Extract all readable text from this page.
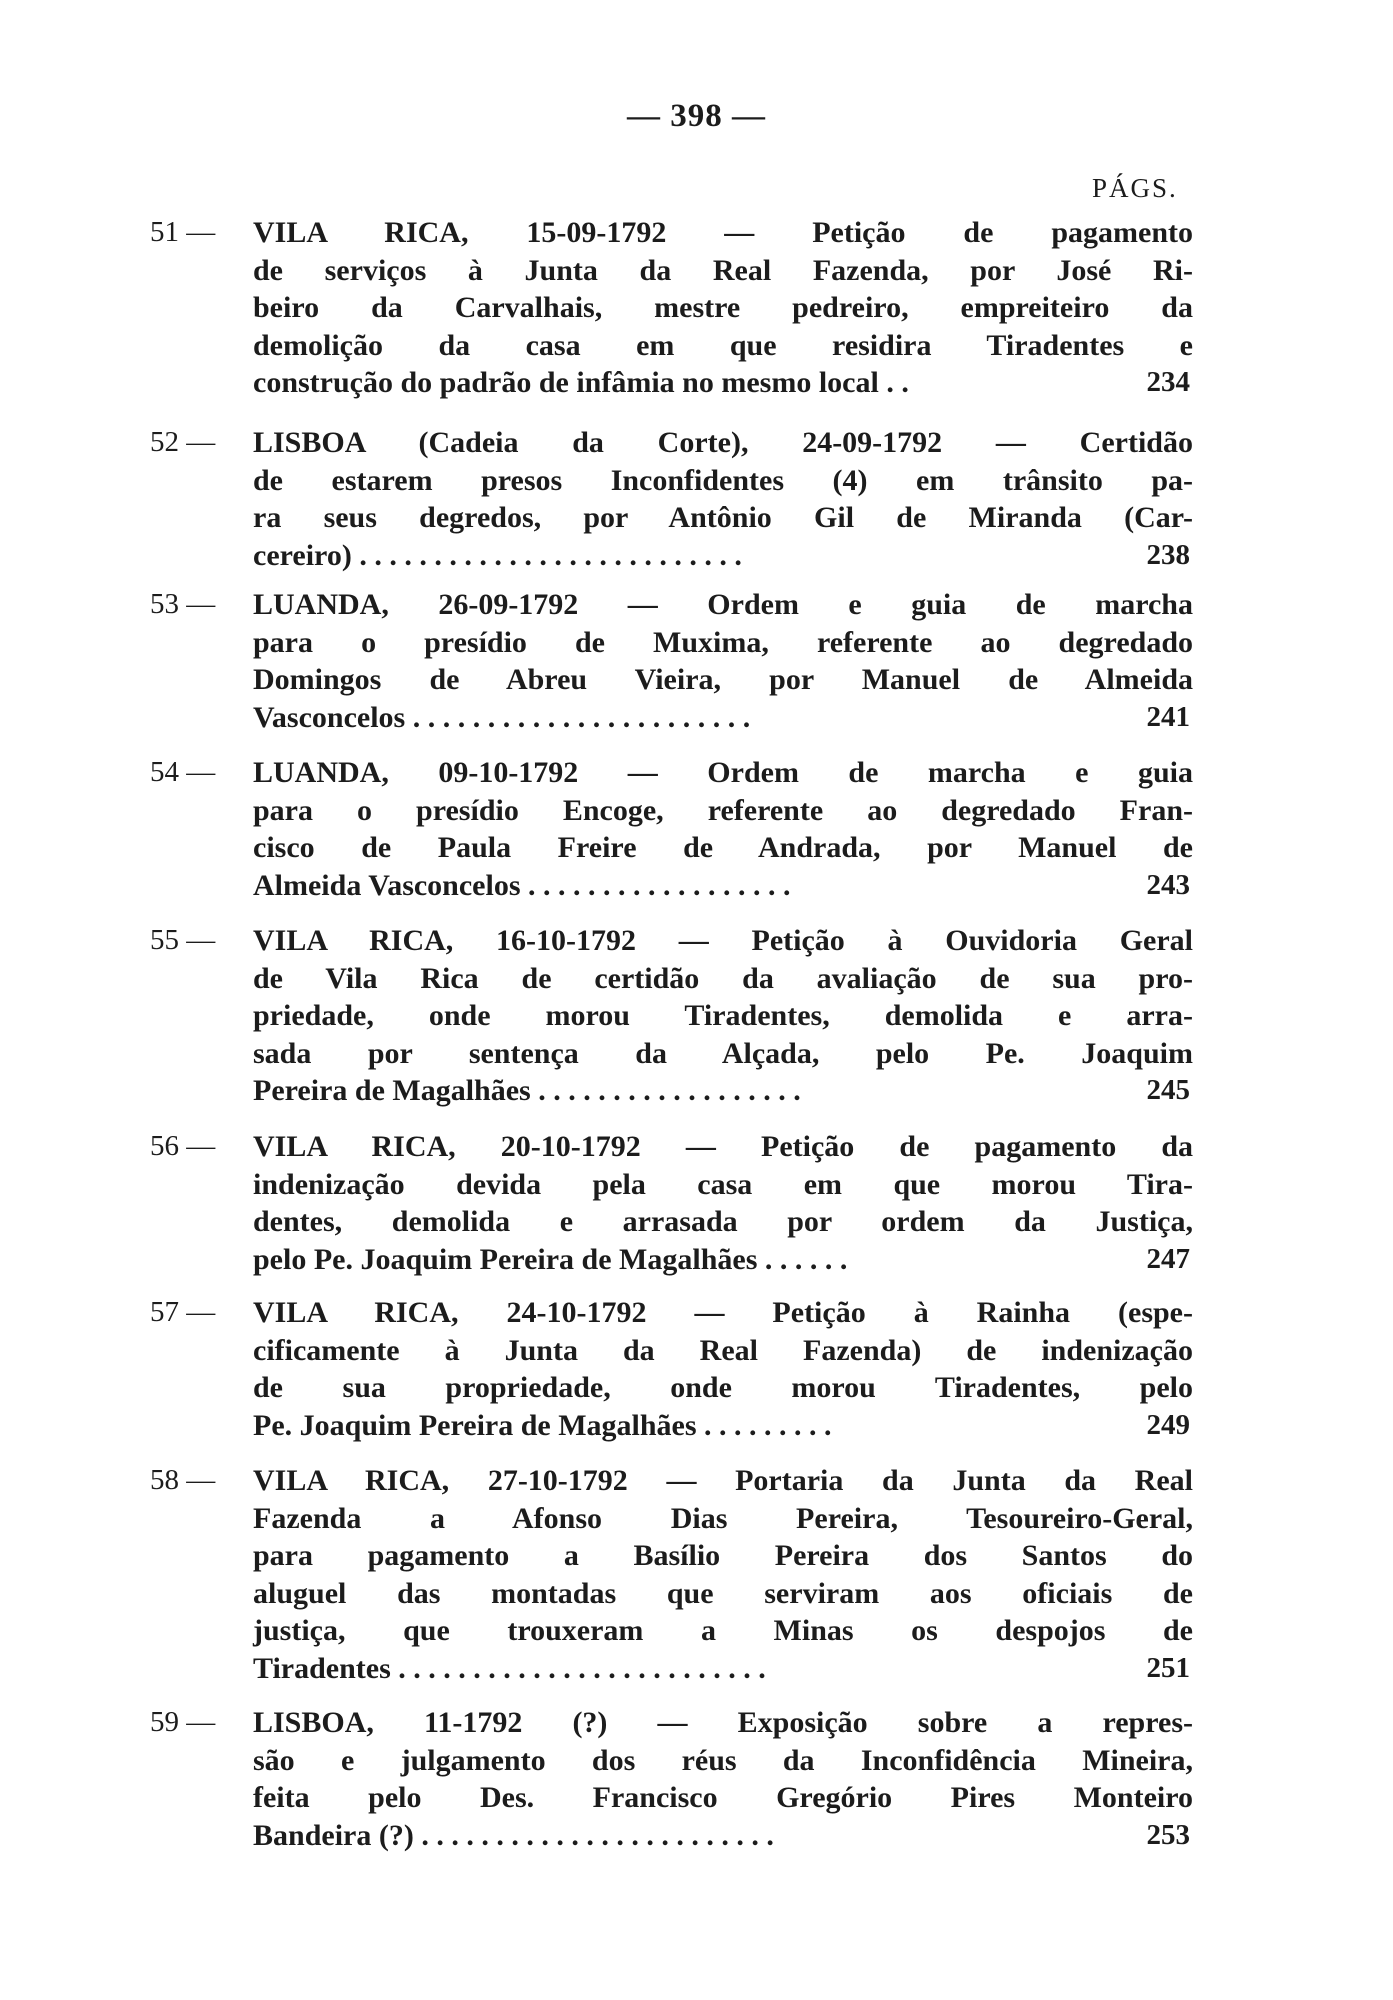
— 398 —
PÁGS.
51 — VILA RICA, 15-09-1792 — Petição de pagamento
de serviços à Junta da Real Fazenda, por José Ri-
beiro da Carvalhais, mestre pedreiro, empreiteiro da
demolição da casa em que residira Tiradentes e
construção do padrão de infâmia no mesmo local . .	234
52 — LISBOA (Cadeia da Corte), 24-09-1792 — Certidão
de estarem presos Inconfidentes (4) em trânsito pa-
ra seus degredos, por Antônio Gil de Miranda (Car-
cereiro) . . . . . . . . . . . . . . . . . . . . . . . . . .	238
53 — LUANDA, 26-09-1792 — Ordem e guia de marcha
para o presídio de Muxima, referente ao degredado
Domingos de Abreu Vieira, por Manuel de Almeida
Vasconcelos . . . . . . . . . . . . . . . . . . . . . . .	241
54 — LUANDA, 09-10-1792 — Ordem de marcha e guia
para o presídio Encoge, referente ao degredado Fran-
cisco de Paula Freire de Andrada, por Manuel de
Almeida Vasconcelos . . . . . . . . . . . . . . . . . .	243
55 — VILA RICA, 16-10-1792 — Petição à Ouvidoria Geral
de Vila Rica de certidão da avaliação de sua pro-
priedade, onde morou Tiradentes, demolida e arra-
sada por sentença da Alçada, pelo Pe. Joaquim
Pereira de Magalhães . . . . . . . . . . . . . . . . . .	245
56 — VILA RICA, 20-10-1792 — Petição de pagamento da
indenização devida pela casa em que morou Tira-
dentes, demolida e arrasada por ordem da Justiça,
pelo Pe. Joaquim Pereira de Magalhães . . . . . .	247
57 — VILA RICA, 24-10-1792 — Petição à Rainha (espe-
cificamente à Junta da Real Fazenda) de indenização
de sua propriedade, onde morou Tiradentes, pelo
Pe. Joaquim Pereira de Magalhães . . . . . . . . .	249
58 — VILA RICA, 27-10-1792 — Portaria da Junta da Real
Fazenda a Afonso Dias Pereira, Tesoureiro-Geral,
para pagamento a Basílio Pereira dos Santos do
aluguel das montadas que serviram aos oficiais de
justiça, que trouxeram a Minas os despojos de
Tiradentes . . . . . . . . . . . . . . . . . . . . . . . . .	251
59 — LISBOA, 11-1792 (?) — Exposição sobre a repres-
são e julgamento dos réus da Inconfidência Mineira,
feita pelo Des. Francisco Gregório Pires Monteiro
Bandeira (?) . . . . . . . . . . . . . . . . . . . . . . . .	253
